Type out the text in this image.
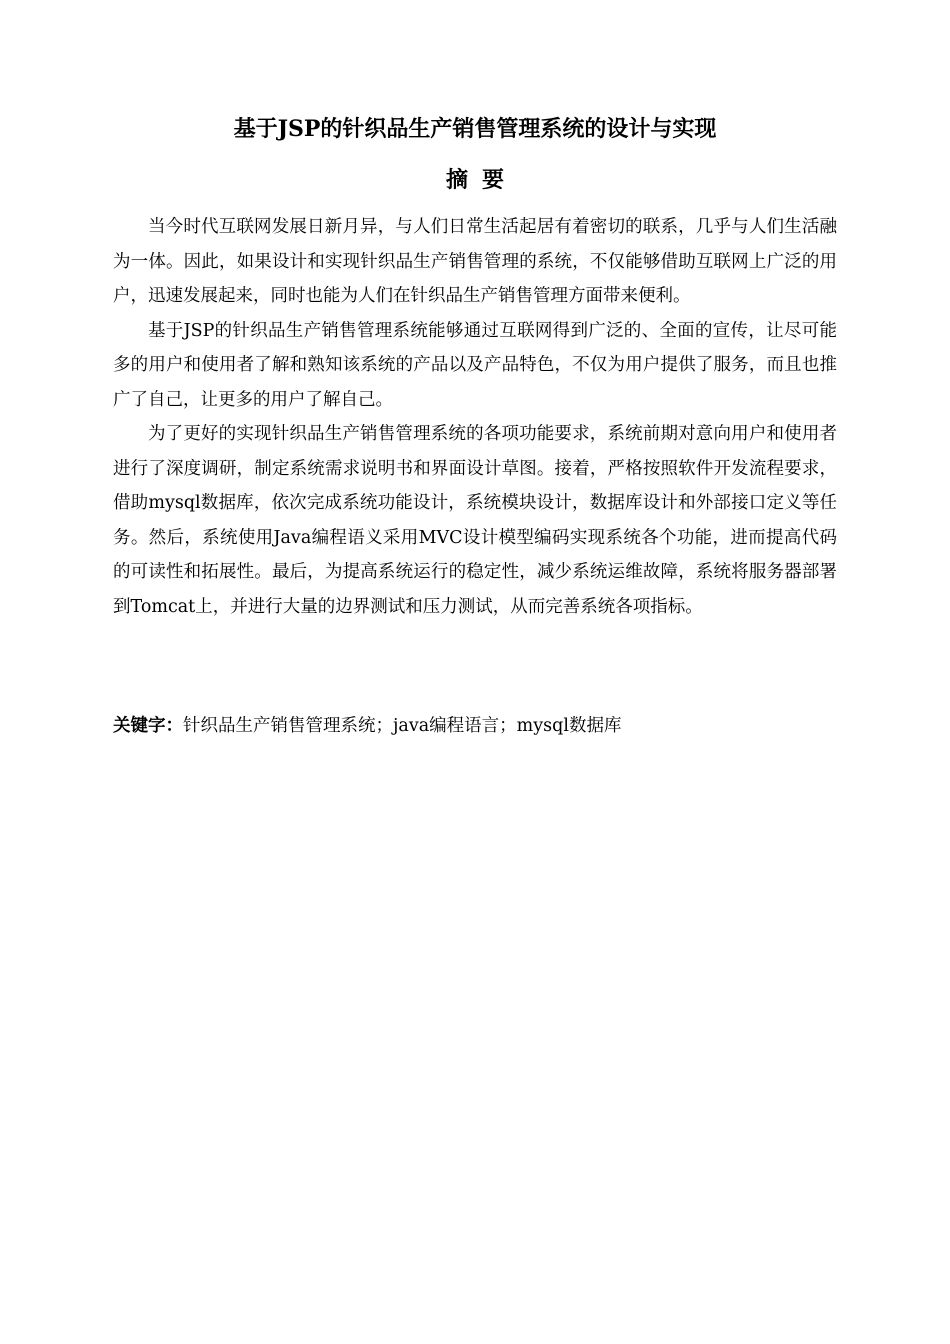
基于JSP的针织品生产销售管理系统的设计与实现
摘要

当今时代互联网发展日新月异，与人们日常生活起居有着密切的联系，几乎与人们生活融为一体。因此，如果设计和实现针织品生产销售管理的系统，不仅能够借助互联网上广泛的用户，迅速发展起来，同时也能为人们在针织品生产销售管理方面带来便利。

基于JSP的针织品生产销售管理系统能够通过互联网得到广泛的、全面的宣传，让尽可能多的用户和使用者了解和熟知该系统的产品以及产品特色，不仅为用户提供了服务，而且也推广了自己，让更多的用户了解自己。

为了更好的实现针织品生产销售管理系统的各项功能要求，系统前期对意向用户和使用者进行了深度调研，制定系统需求说明书和界面设计草图。接着，严格按照软件开发流程要求，借助mysql数据库，依次完成系统功能设计，系统模块设计，数据库设计和外部接口定义等任务。然后，系统使用Java编程语义采用MVC设计模型编码实现系统各个功能，进而提高代码的可读性和拓展性。最后，为提高系统运行的稳定性，减少系统运维故障，系统将服务器部署到Tomcat上，并进行大量的边界测试和压力测试，从而完善系统各项指标。

关键字：针织品生产销售管理系统；java编程语言；mysql数据库
